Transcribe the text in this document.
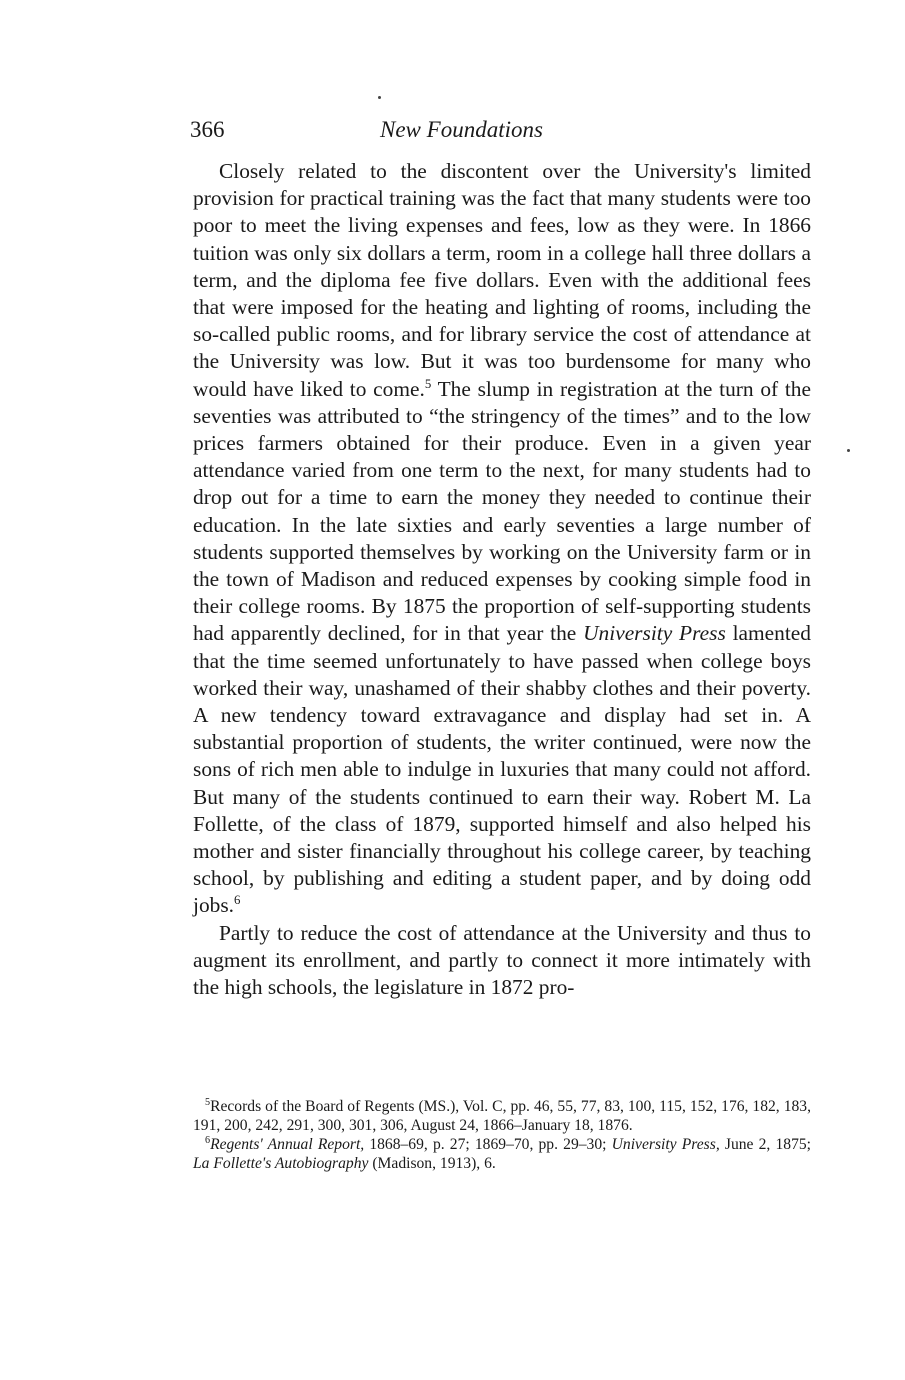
366	New Foundations

Closely related to the discontent over the University's limited provision for practical training was the fact that many students were too poor to meet the living expenses and fees, low as they were. In 1866 tuition was only six dollars a term, room in a college hall three dollars a term, and the diploma fee five dollars. Even with the additional fees that were imposed for the heating and lighting of rooms, including the so-called public rooms, and for library service the cost of attendance at the University was low. But it was too burdensome for many who would have liked to come.$^5$ The slump in registration at the turn of the seventies was attributed to “the stringency of the times” and to the low prices farmers obtained for their produce. Even in a given year attendance varied from one term to the next, for many students had to drop out for a time to earn the money they needed to continue their education. In the late sixties and early seventies a large number of students supported themselves by working on the University farm or in the town of Madison and reduced expenses by cooking simple food in their college rooms. By 1875 the proportion of self-supporting students had apparently declined, for in that year the University Press lamented that the time seemed unfortunately to have passed when college boys worked their way, unashamed of their shabby clothes and their poverty. A new tendency toward extravagance and display had set in. A substantial proportion of students, the writer continued, were now the sons of rich men able to indulge in luxuries that many could not afford. But many of the students continued to earn their way. Robert M. La Follette, of the class of 1879, supported himself and also helped his mother and sister financially throughout his college career, by teaching school, by publishing and editing a student paper, and by doing odd jobs.$^6$

Partly to reduce the cost of attendance at the University and thus to augment its enrollment, and partly to connect it more intimately with the high schools, the legislature in 1872 pro-

$^5$Records of the Board of Regents (MS.), Vol. C, pp. 46, 55, 77, 83, 100, 115, 152, 176, 182, 183, 191, 200, 242, 291, 300, 301, 306, August 24, 1866–January 18, 1876.

$^6$Regents' Annual Report, 1868–69, p. 27; 1869–70, pp. 29–30; University Press, June 2, 1875; La Follette's Autobiography (Madison, 1913), 6.
